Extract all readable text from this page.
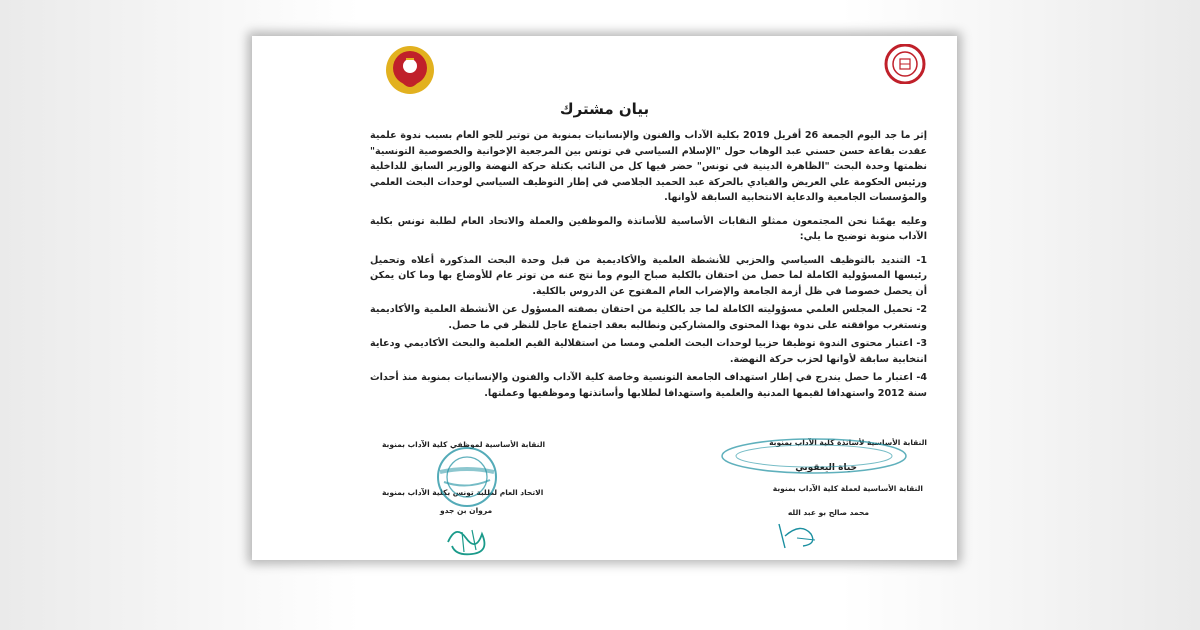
بيان مشترك

إثر ما جد اليوم الجمعة 26 أفريل 2019 بكلية الآداب والفنون والإنسانيات بمنوبة من توتير للجو العام بسبب ندوة علمية عقدت بقاعة حسن حسني عبد الوهاب حول "الإسلام السياسي في تونس بين المرجعية الإخوانية والخصوصية التونسية" نظمتها وحدة البحث "الظاهرة الدينية في تونس" حضر فيها كل من النائب بكتلة حركة النهضة والوزير السابق للداخلية ورئيس الحكومة علي العريض والقيادي بالحركة عبد الحميد الجلاصي في إطار التوظيف السياسي لوحدات البحث العلمي والمؤسسات الجامعية والدعاية الانتخابية السابقة لأوانها.

وعليه يهمّنا نحن المجتمعون ممثلو النقابات الأساسية للأساتذة والموظفين والعملة والاتحاد العام لطلبة تونس بكلية الآداب منوبة توضيح ما يلي:

1- التنديد بالتوظيف السياسي والحزبي للأنشطة العلمية والأكاديمية من قبل وحدة البحث المذكورة أعلاه وتحميل رئيسها المسؤولية الكاملة لما حصل من احتقان بالكلية صباح اليوم وما نتج عنه من توتر عام للأوضاع بها وما كان يمكن أن يحصل خصوصا في ظل أزمة الجامعة والإضراب العام المفتوح عن الدروس بالكلية.
2- تحميل المجلس العلمي مسؤوليته الكاملة لما جد بالكلية من احتقان بصفته المسؤول عن الأنشطة العلمية والأكاديمية ونستغرب موافقته على ندوة بهذا المحتوى والمشاركين ونطالبه بعقد اجتماع عاجل للنظر في ما حصل.
3- اعتبار محتوى الندوة توظيفا حزبيا لوحدات البحث العلمي ومسا من استقلالية القيم العلمية والبحث الأكاديمي ودعاية انتخابية سابقة لأوانها لحزب حركة النهضة.
4- اعتبار ما حصل يندرج في إطار استهداف الجامعة التونسية وخاصة كلية الآداب والفنون والإنسانيات بمنوبة منذ أحداث سنة 2012 واستهدافا لقيمها المدنية والعلمية واستهدافا لطلابها وأساتذتها وموظفيها وعملتها.
النقابة الأساسية لأساتذة كلية الآداب بمنوبة
حياة اليعقوبي
النقابة الأساسية لعملة كلية الآداب بمنوبة
محمد صالح بو عبد الله
النقابة الأساسية لموظفي كلية الآداب بمنوبة
الاتحاد العام لطلبة تونس بكلية الآداب بمنوبة
مروان بن جدو
